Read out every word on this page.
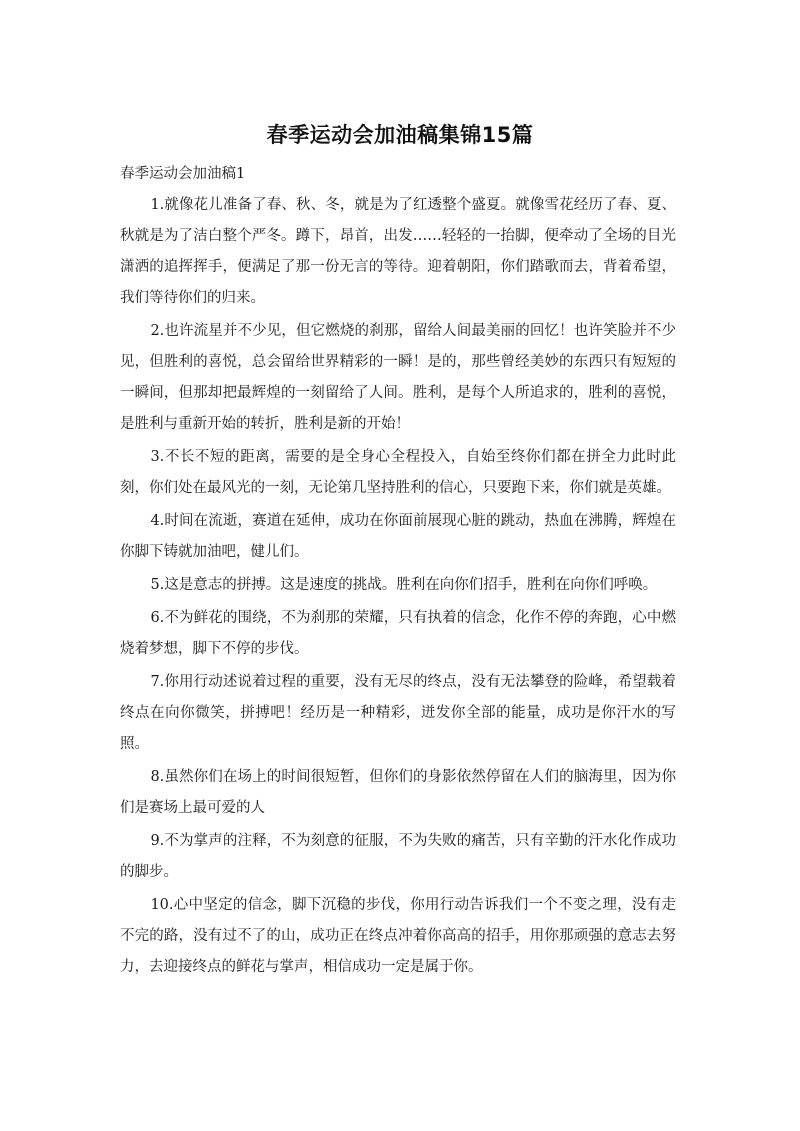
春季运动会加油稿集锦15篇
春季运动会加油稿1

1.就像花儿准备了春、秋、冬，就是为了红透整个盛夏。就像雪花经历了春、夏、秋就是为了洁白整个严冬。蹲下，昂首，出发……轻轻的一抬脚，便牵动了全场的目光潇洒的追挥挥手，便满足了那一份无言的等待。迎着朝阳，你们踏歌而去，背着希望，我们等待你们的归来。

2.也许流星并不少见，但它燃烧的刹那，留给人间最美丽的回忆！也许笑脸并不少见，但胜利的喜悦，总会留给世界精彩的一瞬！是的，那些曾经美妙的东西只有短短的一瞬间，但那却把最辉煌的一刻留给了人间。胜利，是每个人所追求的，胜利的喜悦，是胜利与重新开始的转折，胜利是新的开始！

3.不长不短的距离，需要的是全身心全程投入，自始至终你们都在拼全力此时此刻，你们处在最风光的一刻，无论第几坚持胜利的信心，只要跑下来，你们就是英雄。

4.时间在流逝，赛道在延伸，成功在你面前展现心脏的跳动，热血在沸腾，辉煌在你脚下铸就加油吧，健儿们。

5.这是意志的拼搏。这是速度的挑战。胜利在向你们招手，胜利在向你们呼唤。

6.不为鲜花的围绕，不为刹那的荣耀，只有执着的信念，化作不停的奔跑，心中燃烧着梦想，脚下不停的步伐。

7.你用行动述说着过程的重要，没有无尽的终点，没有无法攀登的险峰，希望载着终点在向你微笑，拼搏吧！经历是一种精彩，迸发你全部的能量，成功是你汗水的写照。

8.虽然你们在场上的时间很短暂，但你们的身影依然停留在人们的脑海里，因为你们是赛场上最可爱的人

9.不为掌声的注释，不为刻意的征服，不为失败的痛苦，只有辛勤的汗水化作成功的脚步。

10.心中坚定的信念，脚下沉稳的步伐，你用行动告诉我们一个不变之理，没有走不完的路，没有过不了的山，成功正在终点冲着你高高的招手，用你那顽强的意志去努力，去迎接终点的鲜花与掌声，相信成功一定是属于你。
